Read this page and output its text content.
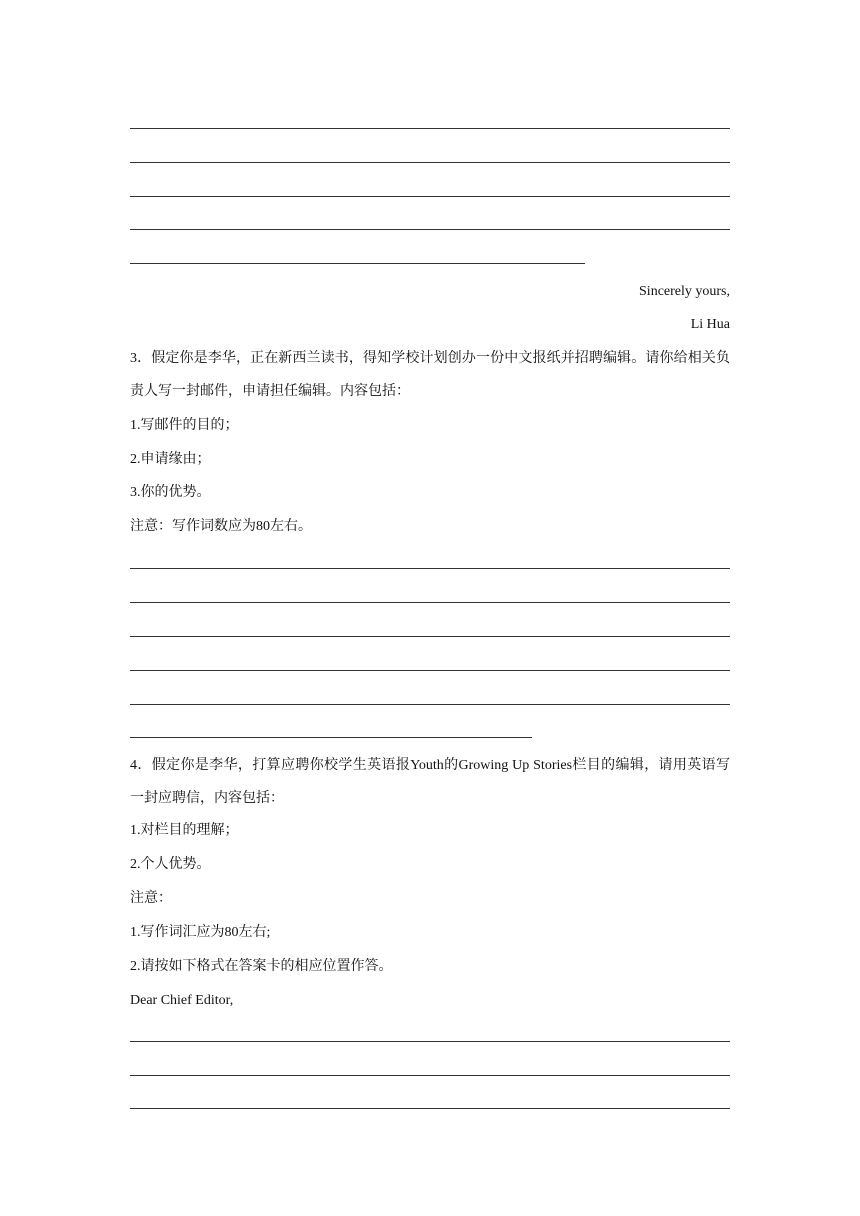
Sincerely yours,
Li Hua
3．假定你是李华，正在新西兰读书，得知学校计划创办一份中文报纸并招聘编辑。请你给相关负责人写一封邮件，申请担任编辑。内容包括：
1.写邮件的目的；
2.申请缘由；
3.你的优势。
注意：写作词数应为80左右。
4．假定你是李华，打算应聘你校学生英语报Youth的Growing Up Stories栏目的编辑，请用英语写一封应聘信，内容包括：
1.对栏目的理解；
2.个人优势。
注意：
1.写作词汇应为80左右;
2.请按如下格式在答案卡的相应位置作答。
Dear Chief Editor,
